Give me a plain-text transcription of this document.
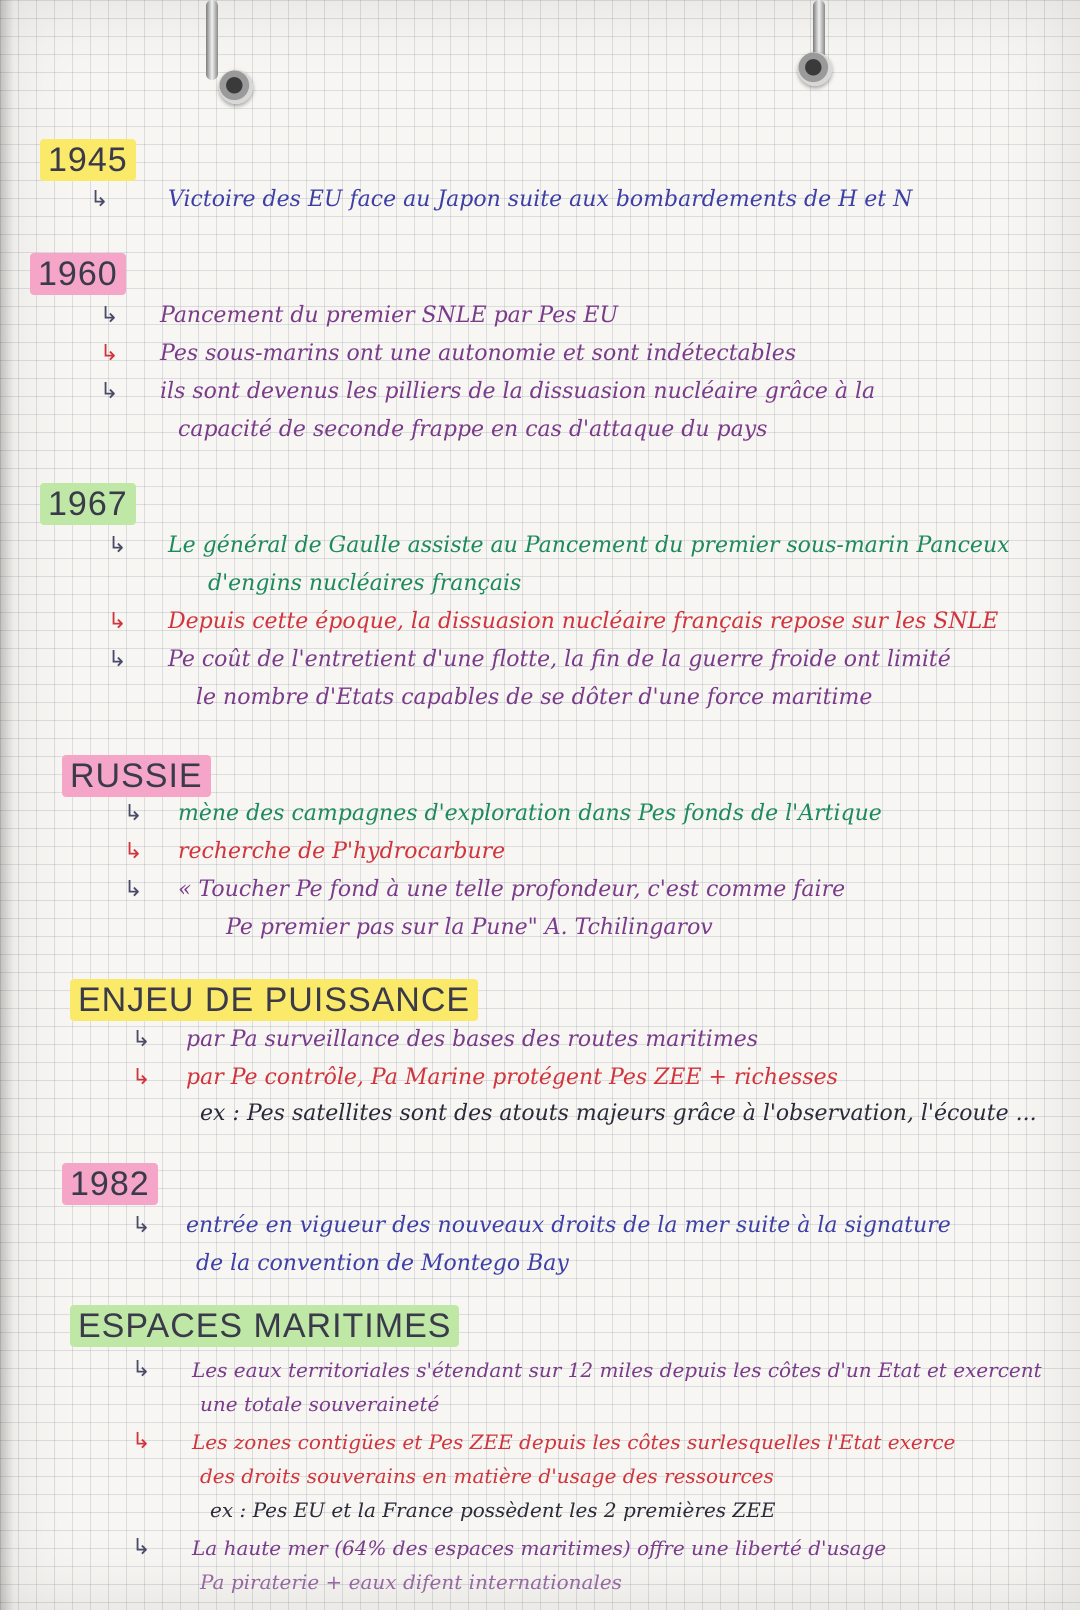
1945
↳	Victoire des EU face au Japon suite aux bombardements de H et N
1960
↳ Pancement du premier SNLE par Pes EU
↳ Pes sous-marins ont une autonomie et sont indétectables
↳ ils sont devenus les pilliers de la dissuasion nucléaire grâce à la
capacité de seconde frappe en cas d'attaque du pays
1967
↳ Le général de Gaulle assiste au Pancement du premier sous-marin Panceux
d'engins nucléaires français
↳ Depuis cette époque, la dissuasion nucléaire français repose sur les SNLE
↳ Pe coût de l'entretient d'une flotte, la fin de la guerre froide ont limité
le nombre d'Etats capables de se dôter d'une force maritime
RUSSIE
↳ mène des campagnes d'exploration dans Pes fonds de l'Artique
↳ recherche de P'hydrocarbure
↳ « Toucher Pe fond à une telle profondeur, c'est comme faire
Pe premier pas sur la Pune" A. Tchilingarov
ENJEU DE PUISSANCE
↳ par Pa surveillance des bases des routes maritimes
↳ par Pe contrôle, Pa Marine protégent Pes ZEE + richesses
ex : Pes satellites sont des atouts majeurs grâce à l'observation, l'écoute ...
1982
↳ entrée en vigueur des nouveaux droits de la mer suite à la signature
de la convention de Montego Bay
ESPACES MARITIMES
↳ Les eaux territoriales s'étendant sur 12 miles depuis les côtes d'un Etat et exercent
une totale souveraineté
↳ Les zones contigües et Pes ZEE depuis les côtes surlesquelles l'Etat exerce
des droits souverains en matière d'usage des ressources
ex : Pes EU et la France possèdent les 2 premières ZEE
↳ La haute mer (64% des espaces maritimes) offre une liberté d'usage
Pa piraterie + eaux difent internationales
